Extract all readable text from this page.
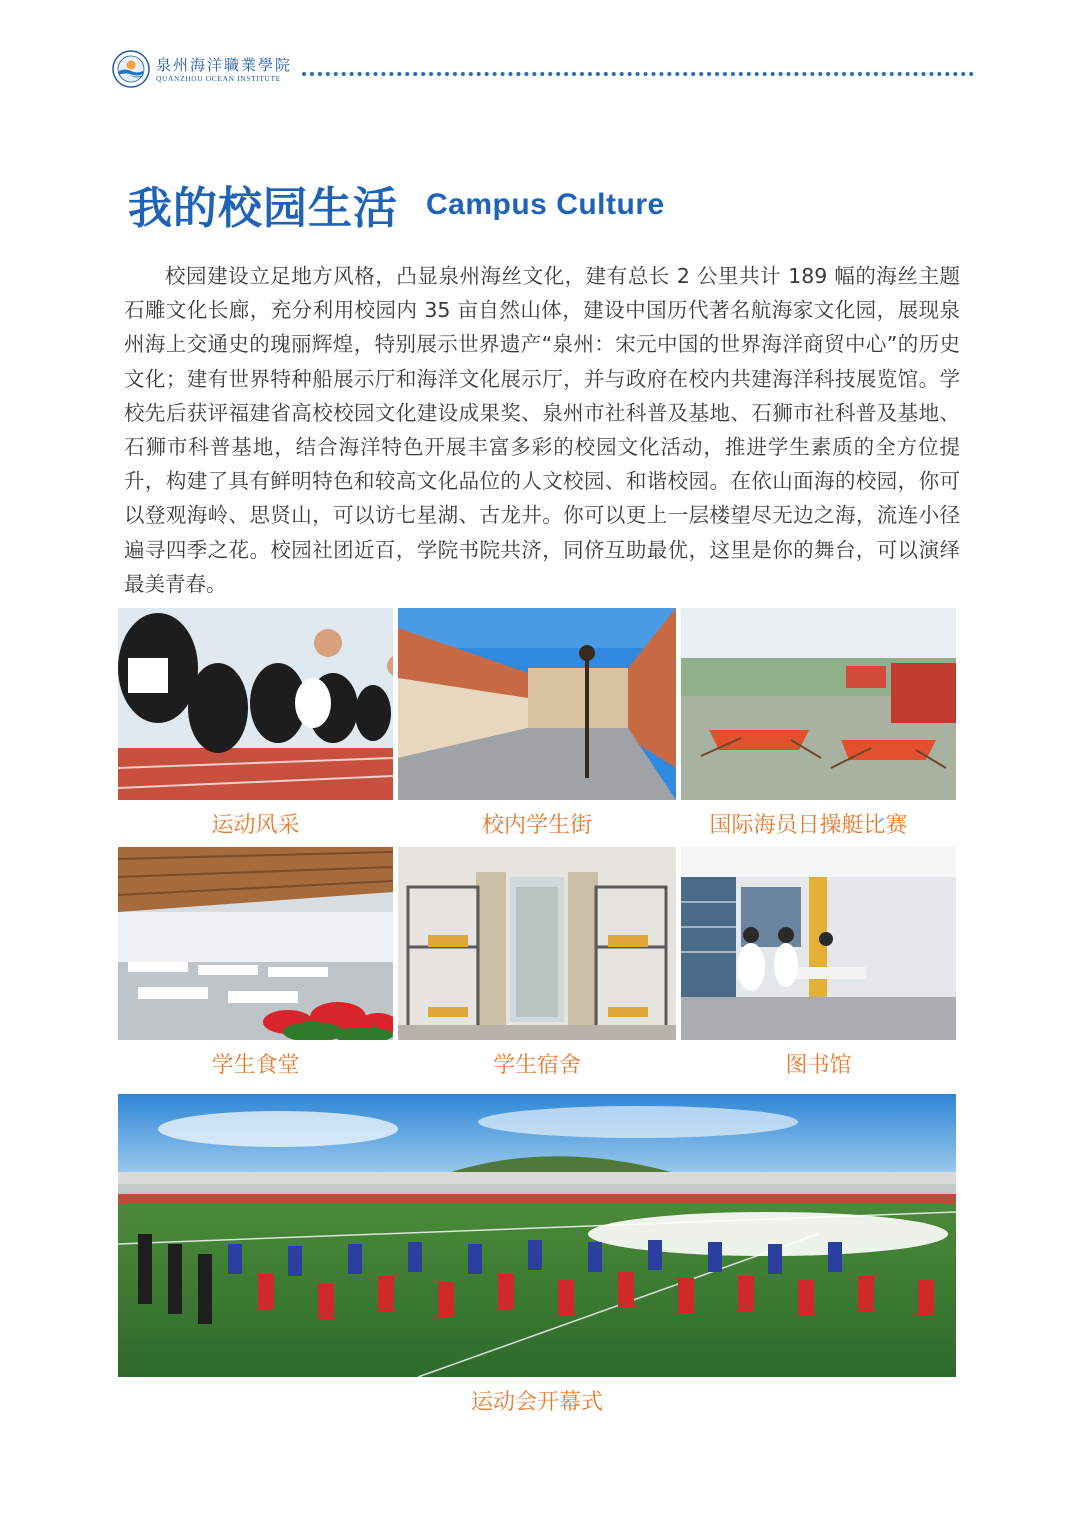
泉州海洋職業學院
QUANZHOU OCEAN INSTITUTE
我的校园生活 Campus Culture

校园建设立足地方风格，凸显泉州海丝文化，建有总长 2 公里共计 189 幅的海丝主题石雕文化长廊，充分利用校园内 35 亩自然山体，建设中国历代著名航海家文化园，展现泉州海上交通史的瑰丽辉煌，特别展示世界遗产“泉州：宋元中国的世界海洋商贸中心”的历史文化；建有世界特种船展示厅和海洋文化展示厅，并与政府在校内共建海洋科技展览馆。学校先后获评福建省高校校园文化建设成果奖、泉州市社科普及基地、石狮市社科普及基地、石狮市科普基地，结合海洋特色开展丰富多彩的校园文化活动，推进学生素质的全方位提升，构建了具有鲜明特色和较高文化品位的人文校园、和谐校园。在依山面海的校园，你可以登观海岭、思贤山，可以访七星湖、古龙井。你可以更上一层楼望尽无边之海，流连小径遍寻四季之花。校园社团近百，学院书院共济，同侪互助最优，这里是你的舞台，可以演绎最美青春。

运动风采	校内学生街	国际海员日操艇比赛
学生食堂	学生宿舍	图书馆
运动会开幕式
